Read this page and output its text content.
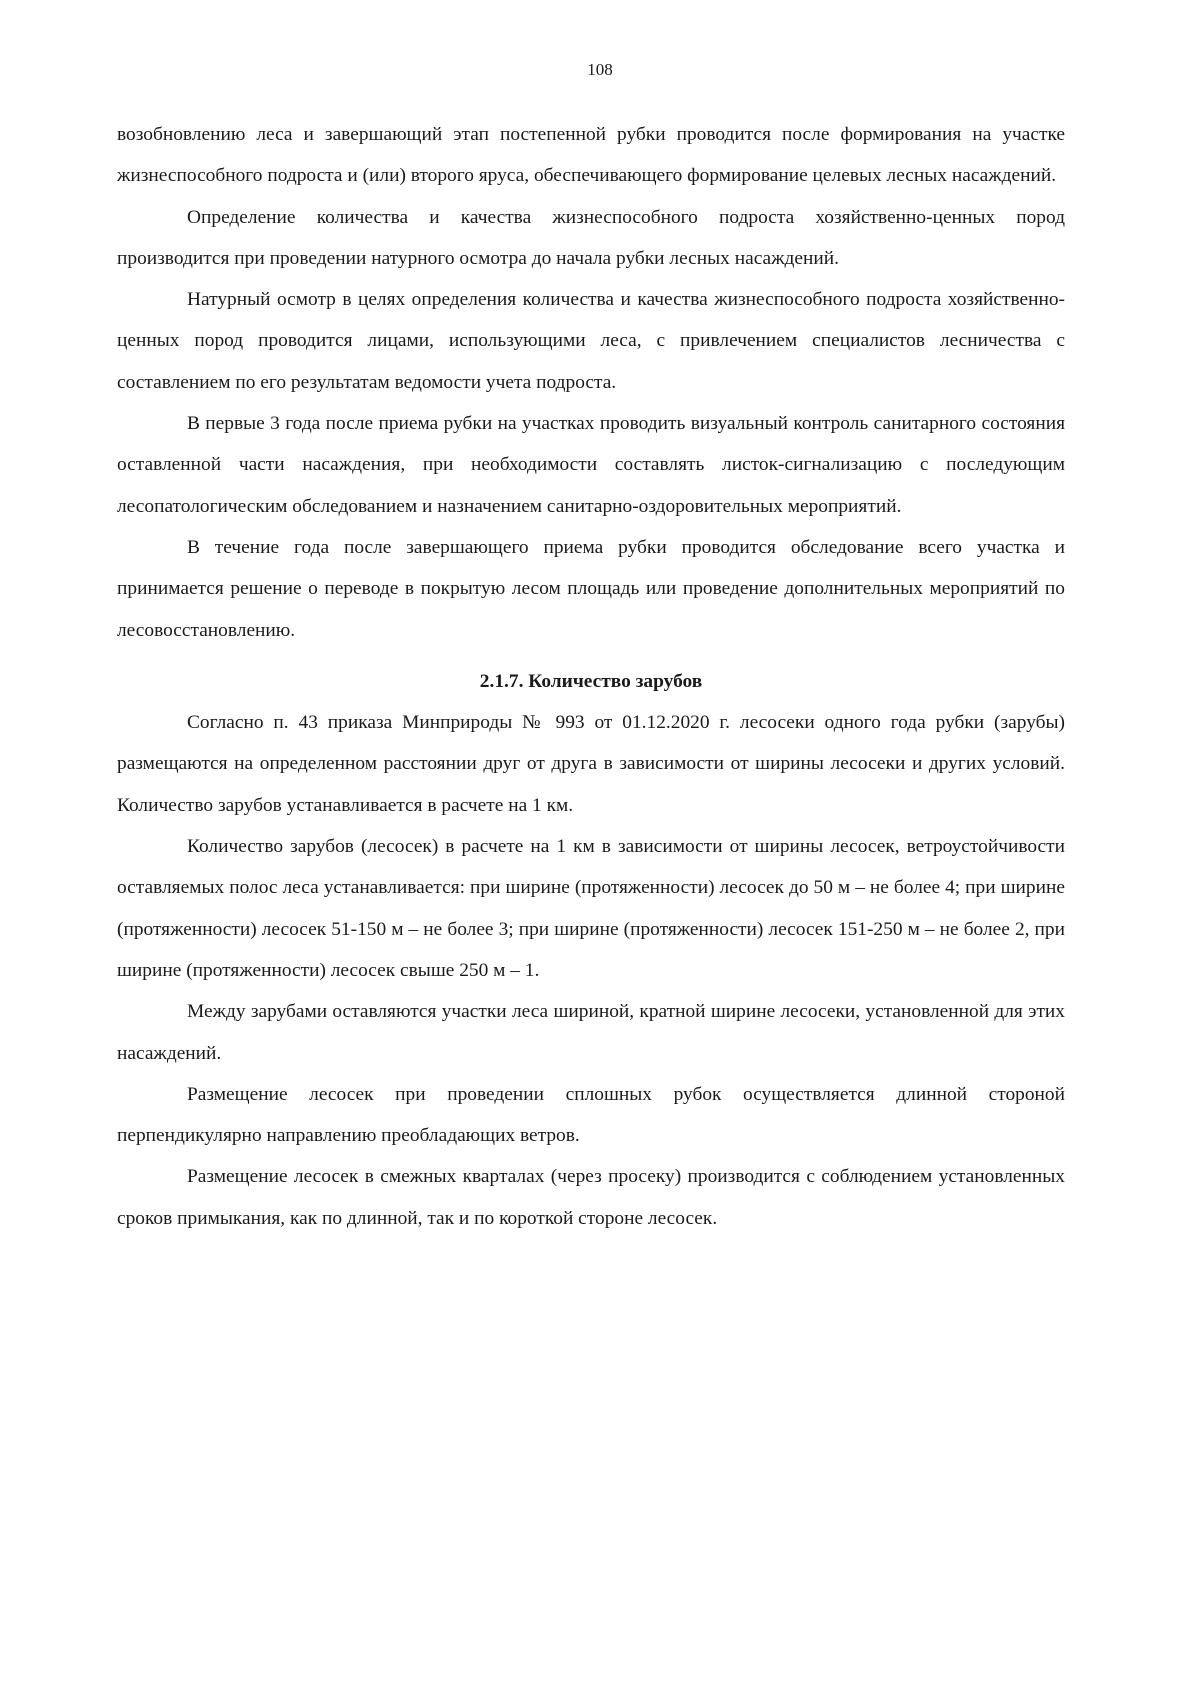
108

возобновлению леса и завершающий этап постепенной рубки проводится после формирования на участке жизнеспособного подроста и (или) второго яруса, обеспечивающего формирование целевых лесных насаждений.

Определение количества и качества жизнеспособного подроста хозяйственно-ценных пород производится при проведении натурного осмотра до начала рубки лесных насаждений.

Натурный осмотр в целях определения количества и качества жизнеспособного подроста хозяйственно-ценных пород проводится лицами, использующими леса, с привлечением специалистов лесничества с составлением по его результатам ведомости учета подроста.

В первые 3 года после приема рубки на участках проводить визуальный контроль санитарного состояния оставленной части насаждения, при необходимости составлять листок-сигнализацию с последующим лесопатологическим обследованием и назначением санитарно-оздоровительных мероприятий.

В течение года после завершающего приема рубки проводится обследование всего участка и принимается решение о переводе в покрытую лесом площадь или проведение дополнительных мероприятий по лесовосстановлению.

2.1.7. Количество зарубов

Согласно п. 43 приказа Минприроды № 993 от 01.12.2020 г. лесосеки одного года рубки (зарубы) размещаются на определенном расстоянии друг от друга в зависимости от ширины лесосеки и других условий. Количество зарубов устанавливается в расчете на 1 км.

Количество зарубов (лесосек) в расчете на 1 км в зависимости от ширины лесосек, ветроустойчивости оставляемых полос леса устанавливается: при ширине (протяженности) лесосек до 50 м – не более 4; при ширине (протяженности) лесосек 51-150 м – не более 3; при ширине (протяженности) лесосек 151-250 м – не более 2, при ширине (протяженности) лесосек свыше 250 м – 1.

Между зарубами оставляются участки леса шириной, кратной ширине лесосеки, установленной для этих насаждений.

Размещение лесосек при проведении сплошных рубок осуществляется длинной стороной перпендикулярно направлению преобладающих ветров.

Размещение лесосек в смежных кварталах (через просеку) производится с соблюдением установленных сроков примыкания, как по длинной, так и по короткой стороне лесосек.
